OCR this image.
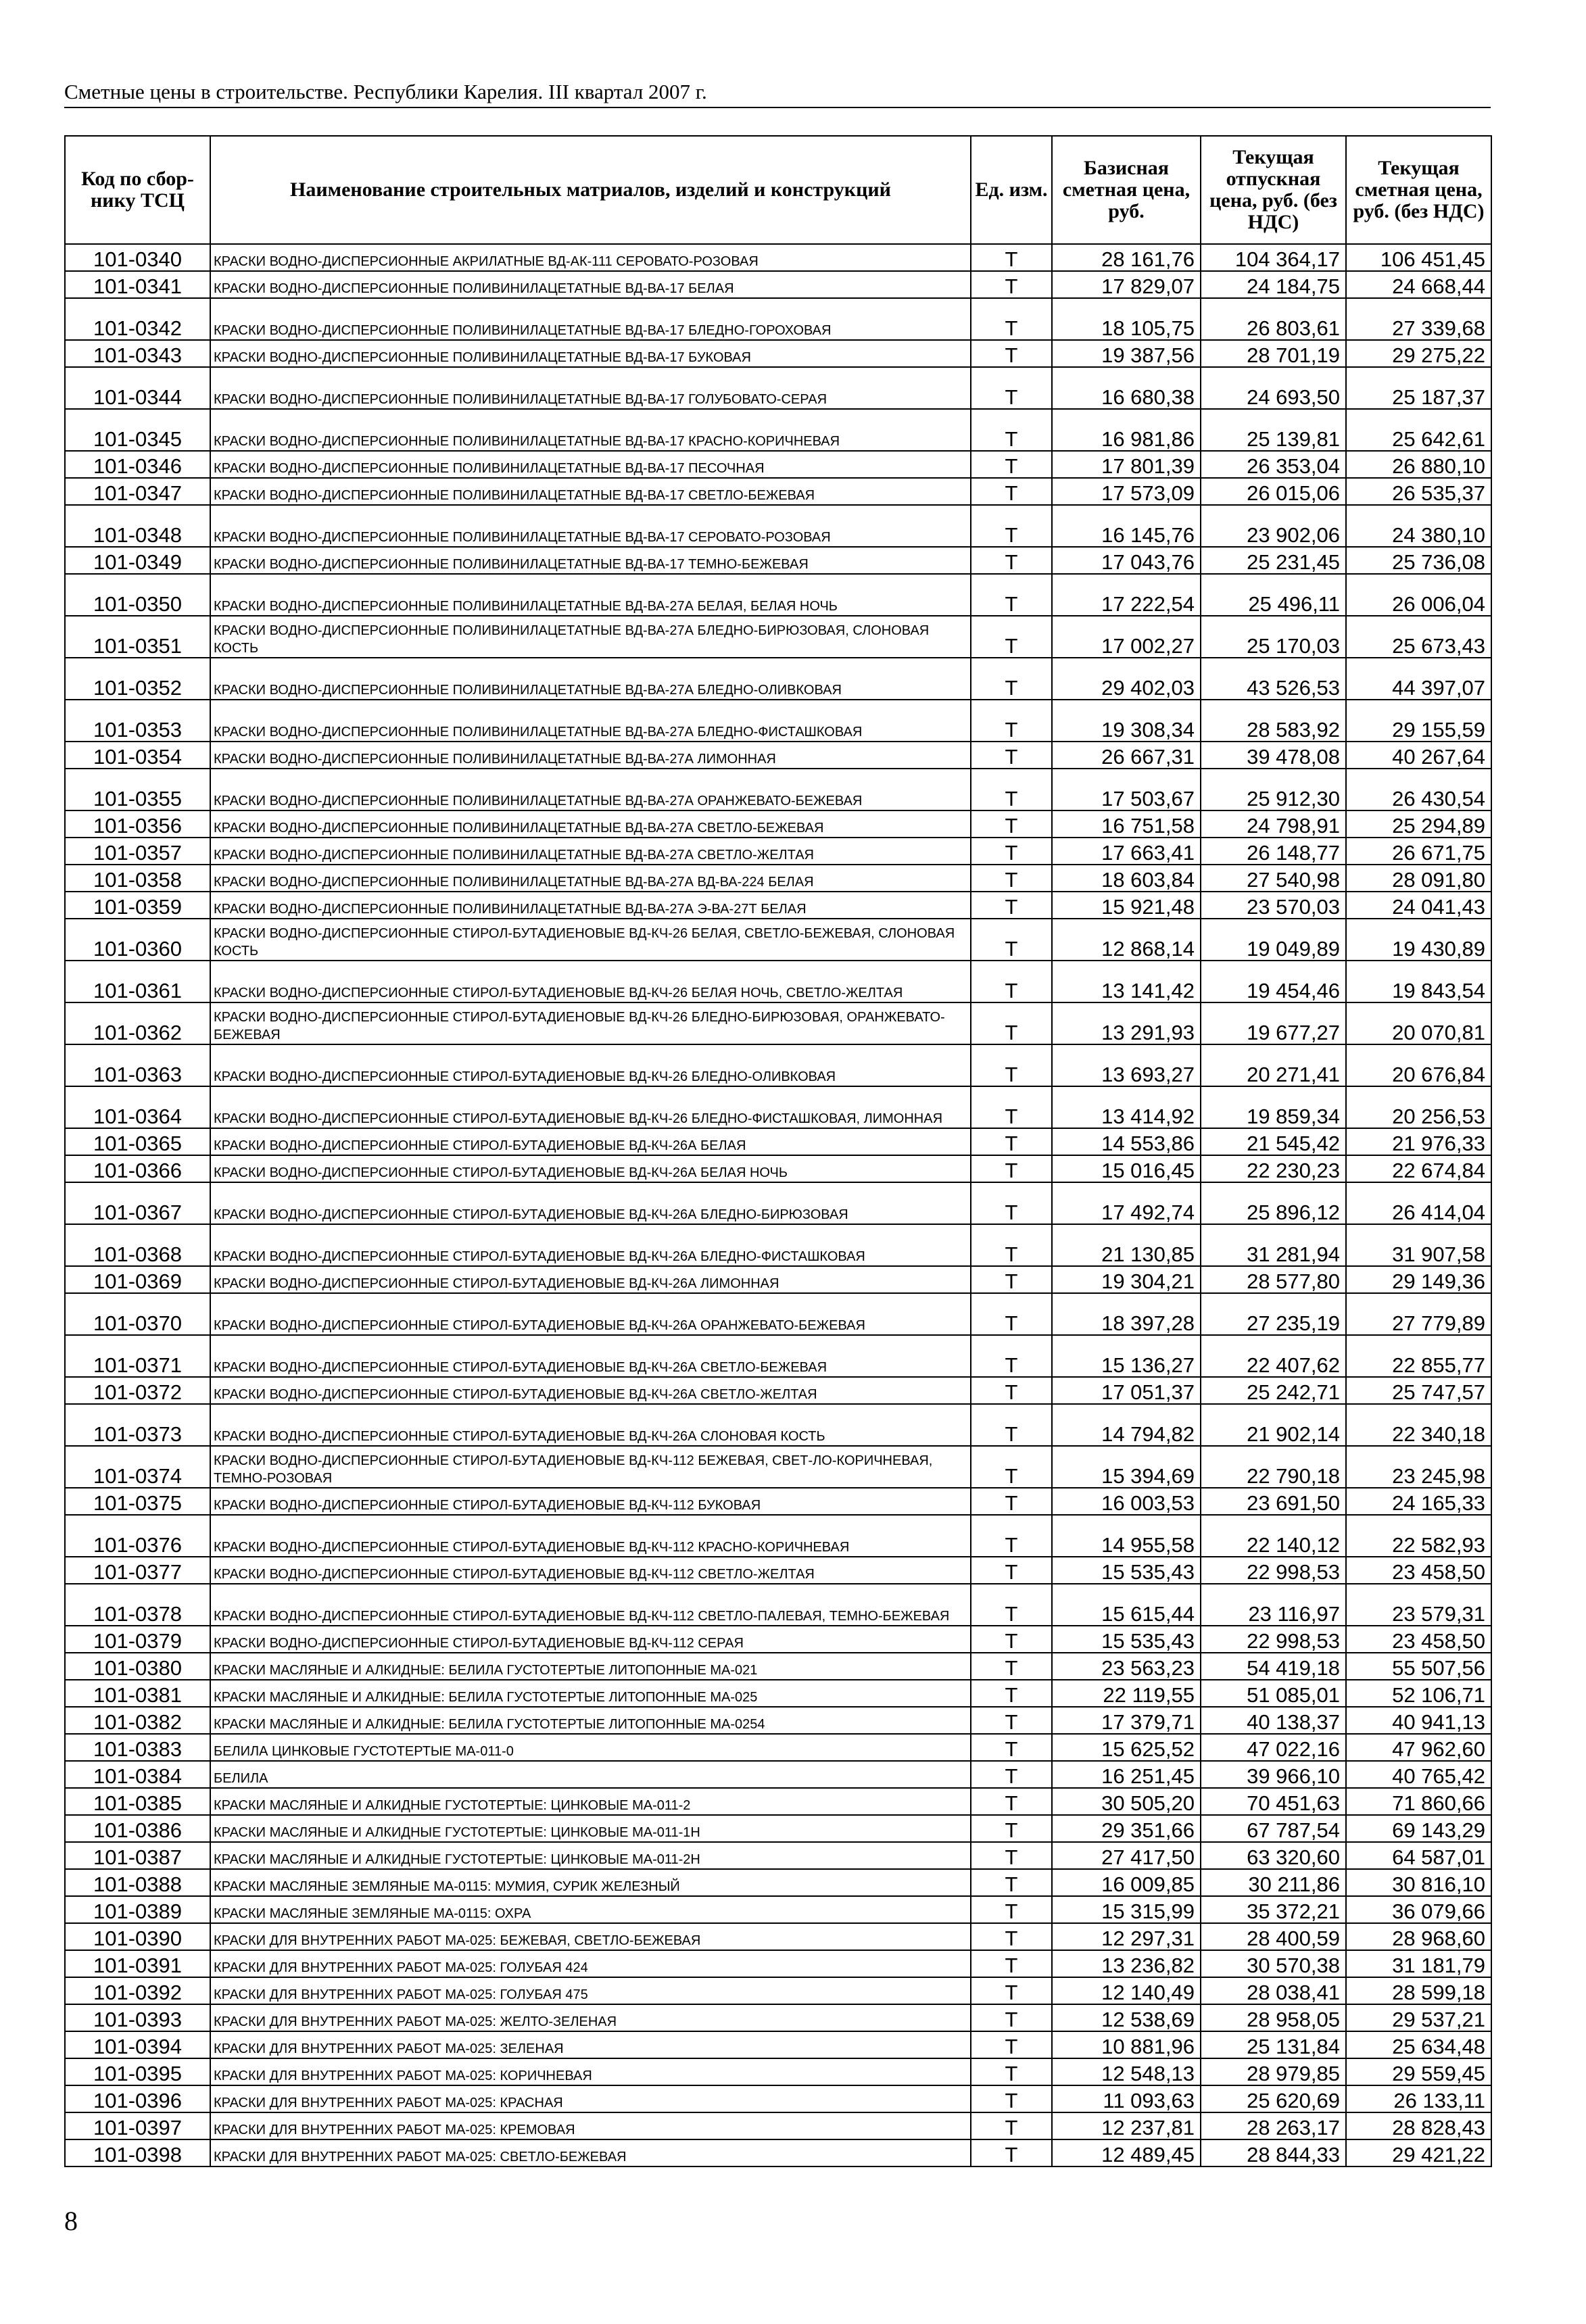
Сметные цены в строительстве. Республики Карелия. III квартал 2007 г.
Код по сбор-нику ТСЦ	Наименование строительных матриалов, изделий и конструкций	Ед. изм.	Базисная сметная цена, руб.	Текущая отпускная цена, руб. (без НДС)	Текущая сметная цена, руб. (без НДС)
101-0340	КРАСКИ ВОДНО-ДИСПЕРСИОННЫЕ АКРИЛАТНЫЕ ВД-АК-111 СЕРОВАТО-РОЗОВАЯ	Т	28 161,76	104 364,17	106 451,45
101-0341	КРАСКИ ВОДНО-ДИСПЕРСИОННЫЕ ПОЛИВИНИЛАЦЕТАТНЫЕ ВД-ВА-17 БЕЛАЯ	Т	17 829,07	24 184,75	24 668,44
101-0342	КРАСКИ ВОДНО-ДИСПЕРСИОННЫЕ ПОЛИВИНИЛАЦЕТАТНЫЕ ВД-ВА-17 БЛЕДНО-ГОРОХОВАЯ	Т	18 105,75	26 803,61	27 339,68
101-0343	КРАСКИ ВОДНО-ДИСПЕРСИОННЫЕ ПОЛИВИНИЛАЦЕТАТНЫЕ ВД-ВА-17 БУКОВАЯ	Т	19 387,56	28 701,19	29 275,22
101-0344	КРАСКИ ВОДНО-ДИСПЕРСИОННЫЕ ПОЛИВИНИЛАЦЕТАТНЫЕ ВД-ВА-17 ГОЛУБОВАТО-СЕРАЯ	Т	16 680,38	24 693,50	25 187,37
101-0345	КРАСКИ ВОДНО-ДИСПЕРСИОННЫЕ ПОЛИВИНИЛАЦЕТАТНЫЕ ВД-ВА-17 КРАСНО-КОРИЧНЕВАЯ	Т	16 981,86	25 139,81	25 642,61
101-0346	КРАСКИ ВОДНО-ДИСПЕРСИОННЫЕ ПОЛИВИНИЛАЦЕТАТНЫЕ ВД-ВА-17 ПЕСОЧНАЯ	Т	17 801,39	26 353,04	26 880,10
101-0347	КРАСКИ ВОДНО-ДИСПЕРСИОННЫЕ ПОЛИВИНИЛАЦЕТАТНЫЕ ВД-ВА-17 СВЕТЛО-БЕЖЕВАЯ	Т	17 573,09	26 015,06	26 535,37
101-0348	КРАСКИ ВОДНО-ДИСПЕРСИОННЫЕ ПОЛИВИНИЛАЦЕТАТНЫЕ ВД-ВА-17 СЕРОВАТО-РОЗОВАЯ	Т	16 145,76	23 902,06	24 380,10
101-0349	КРАСКИ ВОДНО-ДИСПЕРСИОННЫЕ ПОЛИВИНИЛАЦЕТАТНЫЕ ВД-ВА-17 ТЕМНО-БЕЖЕВАЯ	Т	17 043,76	25 231,45	25 736,08
101-0350	КРАСКИ ВОДНО-ДИСПЕРСИОННЫЕ ПОЛИВИНИЛАЦЕТАТНЫЕ ВД-ВА-27А БЕЛАЯ, БЕЛАЯ НОЧЬ	Т	17 222,54	25 496,11	26 006,04
101-0351	КРАСКИ ВОДНО-ДИСПЕРСИОННЫЕ ПОЛИВИНИЛАЦЕТАТНЫЕ ВД-ВА-27А БЛЕДНО-БИРЮЗОВАЯ, СЛОНОВАЯ КОСТЬ	Т	17 002,27	25 170,03	25 673,43
101-0352	КРАСКИ ВОДНО-ДИСПЕРСИОННЫЕ ПОЛИВИНИЛАЦЕТАТНЫЕ ВД-ВА-27А БЛЕДНО-ОЛИВКОВАЯ	Т	29 402,03	43 526,53	44 397,07
101-0353	КРАСКИ ВОДНО-ДИСПЕРСИОННЫЕ ПОЛИВИНИЛАЦЕТАТНЫЕ ВД-ВА-27А БЛЕДНО-ФИСТАШКОВАЯ	Т	19 308,34	28 583,92	29 155,59
101-0354	КРАСКИ ВОДНО-ДИСПЕРСИОННЫЕ ПОЛИВИНИЛАЦЕТАТНЫЕ ВД-ВА-27А ЛИМОННАЯ	Т	26 667,31	39 478,08	40 267,64
101-0355	КРАСКИ ВОДНО-ДИСПЕРСИОННЫЕ ПОЛИВИНИЛАЦЕТАТНЫЕ ВД-ВА-27А ОРАНЖЕВАТО-БЕЖЕВАЯ	Т	17 503,67	25 912,30	26 430,54
101-0356	КРАСКИ ВОДНО-ДИСПЕРСИОННЫЕ ПОЛИВИНИЛАЦЕТАТНЫЕ ВД-ВА-27А СВЕТЛО-БЕЖЕВАЯ	Т	16 751,58	24 798,91	25 294,89
101-0357	КРАСКИ ВОДНО-ДИСПЕРСИОННЫЕ ПОЛИВИНИЛАЦЕТАТНЫЕ ВД-ВА-27А СВЕТЛО-ЖЕЛТАЯ	Т	17 663,41	26 148,77	26 671,75
101-0358	КРАСКИ ВОДНО-ДИСПЕРСИОННЫЕ ПОЛИВИНИЛАЦЕТАТНЫЕ ВД-ВА-27А ВД-ВА-224 БЕЛАЯ	Т	18 603,84	27 540,98	28 091,80
101-0359	КРАСКИ ВОДНО-ДИСПЕРСИОННЫЕ ПОЛИВИНИЛАЦЕТАТНЫЕ ВД-ВА-27А Э-ВА-27Т БЕЛАЯ	Т	15 921,48	23 570,03	24 041,43
101-0360	КРАСКИ ВОДНО-ДИСПЕРСИОННЫЕ СТИРОЛ-БУТАДИЕНОВЫЕ ВД-КЧ-26 БЕЛАЯ, СВЕТЛО-БЕЖЕВАЯ, СЛОНОВАЯ КОСТЬ	Т	12 868,14	19 049,89	19 430,89
101-0361	КРАСКИ ВОДНО-ДИСПЕРСИОННЫЕ СТИРОЛ-БУТАДИЕНОВЫЕ ВД-КЧ-26 БЕЛАЯ НОЧЬ, СВЕТЛО-ЖЕЛТАЯ	Т	13 141,42	19 454,46	19 843,54
101-0362	КРАСКИ ВОДНО-ДИСПЕРСИОННЫЕ СТИРОЛ-БУТАДИЕНОВЫЕ ВД-КЧ-26 БЛЕДНО-БИРЮЗОВАЯ, ОРАНЖЕВАТО-БЕЖЕВАЯ	Т	13 291,93	19 677,27	20 070,81
101-0363	КРАСКИ ВОДНО-ДИСПЕРСИОННЫЕ СТИРОЛ-БУТАДИЕНОВЫЕ ВД-КЧ-26 БЛЕДНО-ОЛИВКОВАЯ	Т	13 693,27	20 271,41	20 676,84
101-0364	КРАСКИ ВОДНО-ДИСПЕРСИОННЫЕ СТИРОЛ-БУТАДИЕНОВЫЕ ВД-КЧ-26 БЛЕДНО-ФИСТАШКОВАЯ, ЛИМОННАЯ	Т	13 414,92	19 859,34	20 256,53
101-0365	КРАСКИ ВОДНО-ДИСПЕРСИОННЫЕ СТИРОЛ-БУТАДИЕНОВЫЕ ВД-КЧ-26А БЕЛАЯ	Т	14 553,86	21 545,42	21 976,33
101-0366	КРАСКИ ВОДНО-ДИСПЕРСИОННЫЕ СТИРОЛ-БУТАДИЕНОВЫЕ ВД-КЧ-26А БЕЛАЯ НОЧЬ	Т	15 016,45	22 230,23	22 674,84
101-0367	КРАСКИ ВОДНО-ДИСПЕРСИОННЫЕ СТИРОЛ-БУТАДИЕНОВЫЕ ВД-КЧ-26А БЛЕДНО-БИРЮЗОВАЯ	Т	17 492,74	25 896,12	26 414,04
101-0368	КРАСКИ ВОДНО-ДИСПЕРСИОННЫЕ СТИРОЛ-БУТАДИЕНОВЫЕ ВД-КЧ-26А БЛЕДНО-ФИСТАШКОВАЯ	Т	21 130,85	31 281,94	31 907,58
101-0369	КРАСКИ ВОДНО-ДИСПЕРСИОННЫЕ СТИРОЛ-БУТАДИЕНОВЫЕ ВД-КЧ-26А ЛИМОННАЯ	Т	19 304,21	28 577,80	29 149,36
101-0370	КРАСКИ ВОДНО-ДИСПЕРСИОННЫЕ СТИРОЛ-БУТАДИЕНОВЫЕ ВД-КЧ-26А ОРАНЖЕВАТО-БЕЖЕВАЯ	Т	18 397,28	27 235,19	27 779,89
101-0371	КРАСКИ ВОДНО-ДИСПЕРСИОННЫЕ СТИРОЛ-БУТАДИЕНОВЫЕ ВД-КЧ-26А СВЕТЛО-БЕЖЕВАЯ	Т	15 136,27	22 407,62	22 855,77
101-0372	КРАСКИ ВОДНО-ДИСПЕРСИОННЫЕ СТИРОЛ-БУТАДИЕНОВЫЕ ВД-КЧ-26А СВЕТЛО-ЖЕЛТАЯ	Т	17 051,37	25 242,71	25 747,57
101-0373	КРАСКИ ВОДНО-ДИСПЕРСИОННЫЕ СТИРОЛ-БУТАДИЕНОВЫЕ ВД-КЧ-26А СЛОНОВАЯ КОСТЬ	Т	14 794,82	21 902,14	22 340,18
101-0374	КРАСКИ ВОДНО-ДИСПЕРСИОННЫЕ СТИРОЛ-БУТАДИЕНОВЫЕ ВД-КЧ-112 БЕЖЕВАЯ, СВЕТ-ЛО-КОРИЧНЕВАЯ, ТЕМНО-РОЗОВАЯ	Т	15 394,69	22 790,18	23 245,98
101-0375	КРАСКИ ВОДНО-ДИСПЕРСИОННЫЕ СТИРОЛ-БУТАДИЕНОВЫЕ ВД-КЧ-112 БУКОВАЯ	Т	16 003,53	23 691,50	24 165,33
101-0376	КРАСКИ ВОДНО-ДИСПЕРСИОННЫЕ СТИРОЛ-БУТАДИЕНОВЫЕ ВД-КЧ-112 КРАСНО-КОРИЧНЕВАЯ	Т	14 955,58	22 140,12	22 582,93
101-0377	КРАСКИ ВОДНО-ДИСПЕРСИОННЫЕ СТИРОЛ-БУТАДИЕНОВЫЕ ВД-КЧ-112 СВЕТЛО-ЖЕЛТАЯ	Т	15 535,43	22 998,53	23 458,50
101-0378	КРАСКИ ВОДНО-ДИСПЕРСИОННЫЕ СТИРОЛ-БУТАДИЕНОВЫЕ ВД-КЧ-112 СВЕТЛО-ПАЛЕВАЯ, ТЕМНО-БЕЖЕВАЯ	Т	15 615,44	23 116,97	23 579,31
101-0379	КРАСКИ ВОДНО-ДИСПЕРСИОННЫЕ СТИРОЛ-БУТАДИЕНОВЫЕ ВД-КЧ-112 СЕРАЯ	Т	15 535,43	22 998,53	23 458,50
101-0380	КРАСКИ МАСЛЯНЫЕ И АЛКИДНЫЕ: БЕЛИЛА ГУСТОТЕРТЫЕ ЛИТОПОННЫЕ МА-021	Т	23 563,23	54 419,18	55 507,56
101-0381	КРАСКИ МАСЛЯНЫЕ И АЛКИДНЫЕ: БЕЛИЛА ГУСТОТЕРТЫЕ ЛИТОПОННЫЕ МА-025	Т	22 119,55	51 085,01	52 106,71
101-0382	КРАСКИ МАСЛЯНЫЕ И АЛКИДНЫЕ: БЕЛИЛА ГУСТОТЕРТЫЕ ЛИТОПОННЫЕ МА-0254	Т	17 379,71	40 138,37	40 941,13
101-0383	БЕЛИЛА ЦИНКОВЫЕ ГУСТОТЕРТЫЕ МА-011-0	Т	15 625,52	47 022,16	47 962,60
101-0384	БЕЛИЛА	Т	16 251,45	39 966,10	40 765,42
101-0385	КРАСКИ МАСЛЯНЫЕ И АЛКИДНЫЕ ГУСТОТЕРТЫЕ: ЦИНКОВЫЕ МА-011-2	Т	30 505,20	70 451,63	71 860,66
101-0386	КРАСКИ МАСЛЯНЫЕ И АЛКИДНЫЕ ГУСТОТЕРТЫЕ: ЦИНКОВЫЕ МА-011-1Н	Т	29 351,66	67 787,54	69 143,29
101-0387	КРАСКИ МАСЛЯНЫЕ И АЛКИДНЫЕ ГУСТОТЕРТЫЕ: ЦИНКОВЫЕ МА-011-2Н	Т	27 417,50	63 320,60	64 587,01
101-0388	КРАСКИ МАСЛЯНЫЕ ЗЕМЛЯНЫЕ МА-0115: МУМИЯ, СУРИК ЖЕЛЕЗНЫЙ	Т	16 009,85	30 211,86	30 816,10
101-0389	КРАСКИ МАСЛЯНЫЕ ЗЕМЛЯНЫЕ МА-0115: ОХРА	Т	15 315,99	35 372,21	36 079,66
101-0390	КРАСКИ ДЛЯ ВНУТРЕННИХ РАБОТ МА-025: БЕЖЕВАЯ, СВЕТЛО-БЕЖЕВАЯ	Т	12 297,31	28 400,59	28 968,60
101-0391	КРАСКИ ДЛЯ ВНУТРЕННИХ РАБОТ МА-025: ГОЛУБАЯ 424	Т	13 236,82	30 570,38	31 181,79
101-0392	КРАСКИ ДЛЯ ВНУТРЕННИХ РАБОТ МА-025: ГОЛУБАЯ 475	Т	12 140,49	28 038,41	28 599,18
101-0393	КРАСКИ ДЛЯ ВНУТРЕННИХ РАБОТ МА-025: ЖЕЛТО-ЗЕЛЕНАЯ	Т	12 538,69	28 958,05	29 537,21
101-0394	КРАСКИ ДЛЯ ВНУТРЕННИХ РАБОТ МА-025: ЗЕЛЕНАЯ	Т	10 881,96	25 131,84	25 634,48
101-0395	КРАСКИ ДЛЯ ВНУТРЕННИХ РАБОТ МА-025: КОРИЧНЕВАЯ	Т	12 548,13	28 979,85	29 559,45
101-0396	КРАСКИ ДЛЯ ВНУТРЕННИХ РАБОТ МА-025: КРАСНАЯ	Т	11 093,63	25 620,69	26 133,11
101-0397	КРАСКИ ДЛЯ ВНУТРЕННИХ РАБОТ МА-025: КРЕМОВАЯ	Т	12 237,81	28 263,17	28 828,43
101-0398	КРАСКИ ДЛЯ ВНУТРЕННИХ РАБОТ МА-025: СВЕТЛО-БЕЖЕВАЯ	Т	12 489,45	28 844,33	29 421,22
8
